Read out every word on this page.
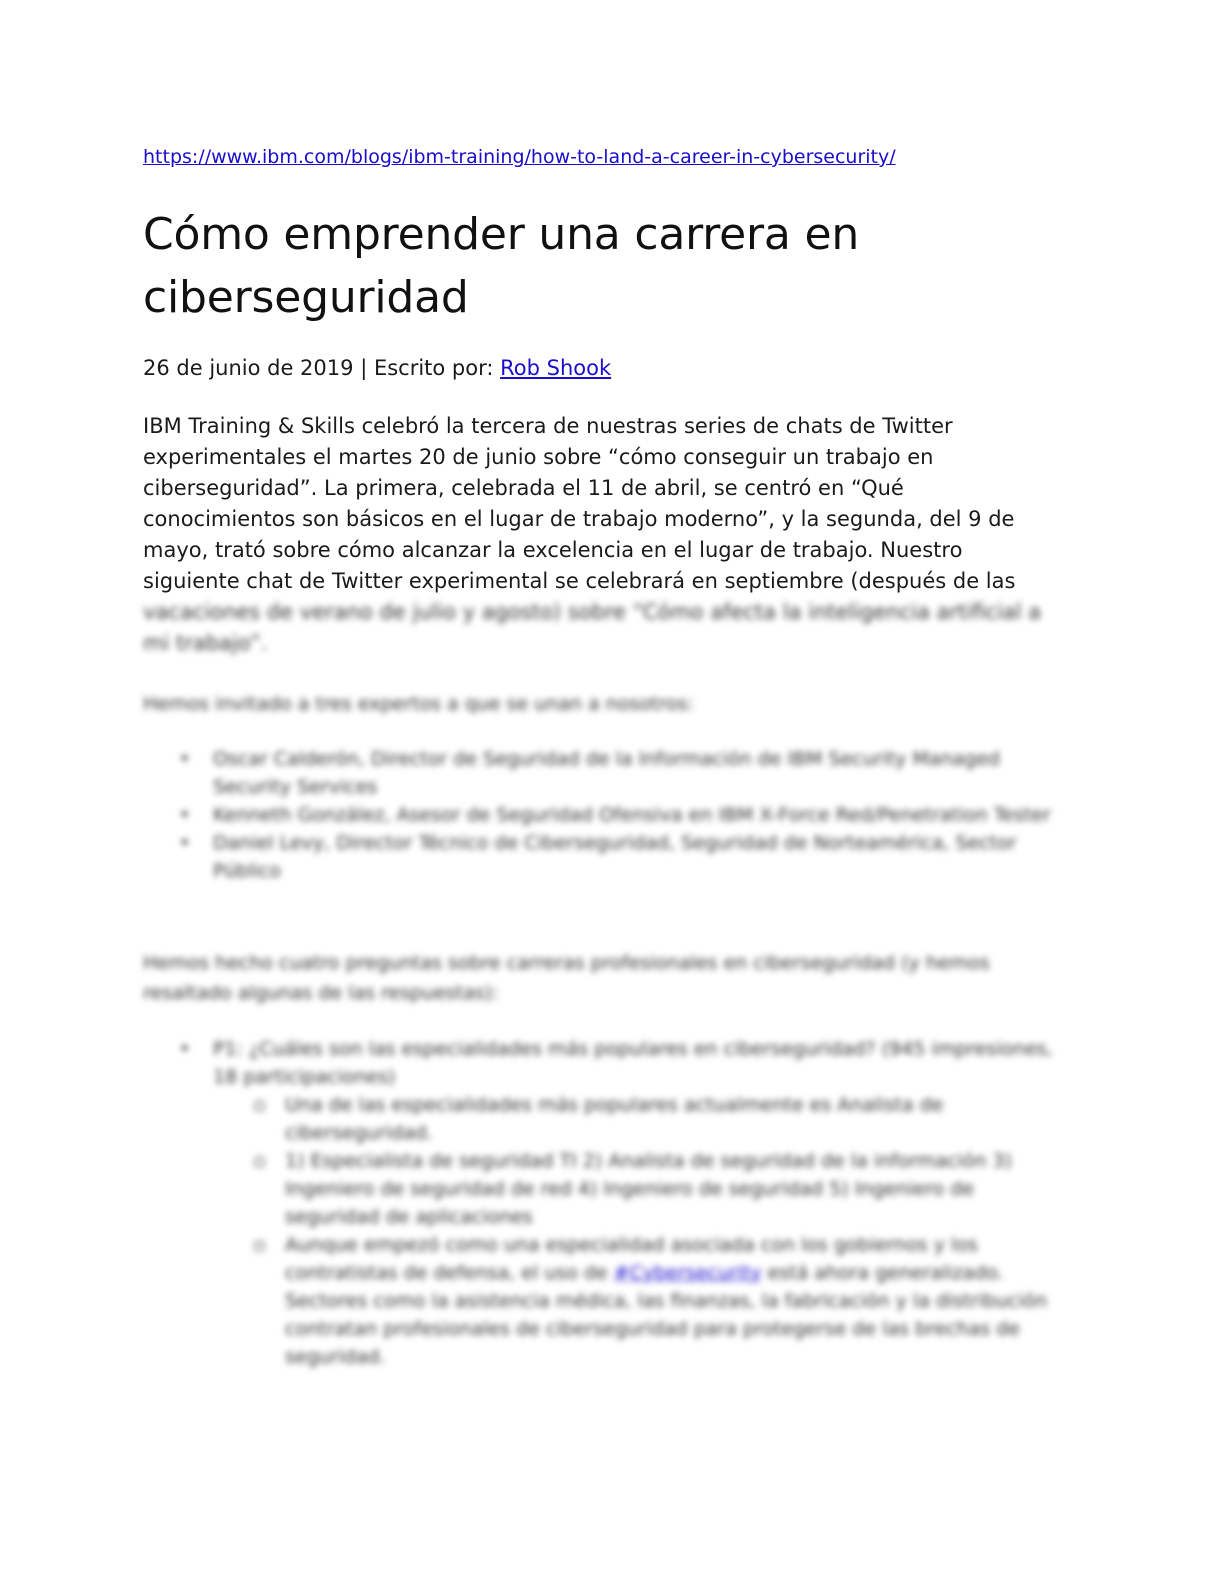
https://www.ibm.com/blogs/ibm-training/how-to-land-a-career-in-cybersecurity/
Cómo emprender una carrera en ciberseguridad
26 de junio de 2019 | Escrito por: Rob Shook

IBM Training & Skills celebró la tercera de nuestras series de chats de Twitter
experimentales el martes 20 de junio sobre “cómo conseguir un trabajo en
ciberseguridad”. La primera, celebrada el 11 de abril, se centró en “Qué
conocimientos son básicos en el lugar de trabajo moderno”, y la segunda, del 9 de
mayo, trató sobre cómo alcanzar la excelencia en el lugar de trabajo. Nuestro
siguiente chat de Twitter experimental se celebrará en septiembre (después de las
vacaciones de verano de julio y agosto) sobre “Cómo afecta la inteligencia artificial a
mi trabajo”.

Hemos invitado a tres expertos a que se unan a nosotros:
• Oscar Calderón, Director de Seguridad de la Información de IBM Security Managed Security Services
• Kenneth González, Asesor de Seguridad Ofensiva en IBM X-Force Red/Penetration Tester
• Daniel Levy, Director Técnico de Ciberseguridad, Seguridad de Norteamérica, Sector Público
Hemos hecho cuatro preguntas sobre carreras profesionales en ciberseguridad (y hemos resaltado algunas de las respuestas):
• P1: ¿Cuáles son las especialidades más populares en ciberseguridad? (945 impresiones, 18 participaciones)
▫ Una de las especialidades más populares actualmente es Analista de ciberseguridad.
▫ 1) Especialista de seguridad TI 2) Analista de seguridad de la información 3) Ingeniero de seguridad de red 4) Ingeniero de seguridad 5) Ingeniero de seguridad de aplicaciones
▫ Aunque empezó como una especialidad asociada con los gobiernos y los contratistas de defensa, el uso de #Cybersecurity está ahora generalizado. Sectores como la asistencia médica, las finanzas, la fabricación y la distribución contratan profesionales de ciberseguridad para protegerse de las brechas de seguridad.
